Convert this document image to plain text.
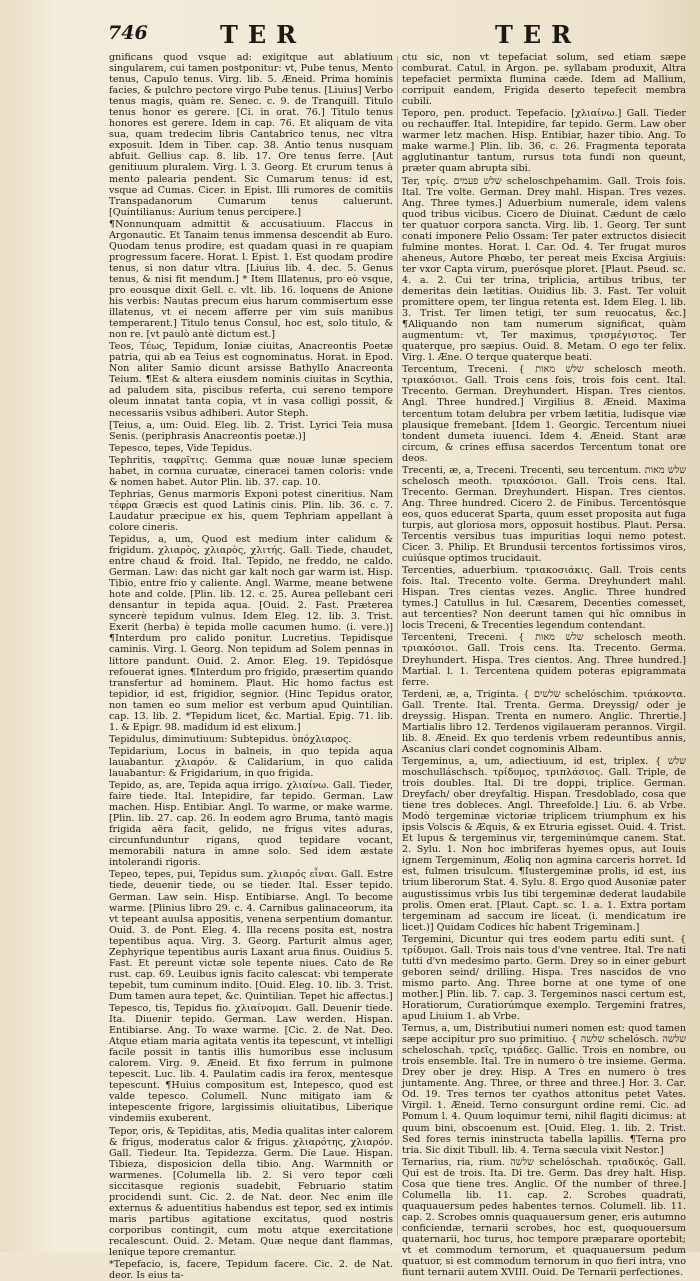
746	TER	TER

gnificans quod vsque ad: exigitque aut ablatiuum singularem, cui tamen postponitur: vt, Pube tenus, Mento tenus, Capulo tenus. Virg. lib. 5. Æneid. Prima hominis facies, & pulchro pectore virgo Pube tenus. [Liuius] Verbo tenus magis, quàm re. Senec. c. 9. de Tranquill. Titulo tenus honor es gerere. [Ci. in orat. 76.] Titulo tenus honores est gerere. Idem in cap. 76. Et aliquam de vita sua, quam tredecim libris Cantabrico tenus, nec vltra exposuit. Idem in Tiber. cap. 38. Antio tenus nusquam abfuit. Gellius cap. 8. lib. 17. Ore tenus ferre. [Aut genitiuum pluralem. Virg. l. 3. Georg. Et crurum tenus à mento palearia pendent. Sic Cumarum tenus: id est, vsque ad Cumas. Cicer. in Epist. Illi rumores de comitiis Transpadanorum Cumarum tenus caluerunt. [Quintilianus: Aurium tenus percipere.]

¶Nonnunquam admittit & accusatiuum. Flaccus in Argonautic. Et Tanaim tenus immensa descendit ab Euro. Quodam tenus prodire, est quadam quasi in re quapiam progressum facere. Horat. l. Epist. 1. Est quodam prodire tenus, si non datur vltra. [Liuius lib. 4. dec. 5. Genus tenus, & nisi fit mendum.] * Item Illatenus, pro eò vsque, pro eousque dixit Gell. c. vlt. lib. 16. loquens de Anione his verbis: Nautas precum eius harum commisertum esse illatenus, vt ei necem afferre per vim suis manibus temperarent.] Titulo tenus Consul, hoc est, solo titulo, & non re. [vt paulò antè dictum est.]

Teos, Τέως, Tepidum, Ioniæ ciuitas, Anacreontis Poetæ patria, qui ab ea Teius est cognominatus. Horat. in Epod. Non aliter Samio dicunt arsisse Bathyllo Anacreonta Teium. ¶Est & altera eiusdem nominis ciuitas in Scythia, ad paludem sita, piscibus referta, cui sereno tempore oleum innatat tanta copia, vt in vasa colligi possit, & necessariis vsibus adhiberi. Autor Steph.

[Teius, a, um: Ouid. Eleg. lib. 2. Trist. Lyrici Teia musa Senis. (periphrasis Anacreontis poetæ.)]

Tepesco, tepes, Vide Tepidus.

Tephritis, ταφρῖτις. Gemma quæ nouæ lunæ speciem habet, in cornua curuatæ, cineracei tamen coloris: vnde & nomen habet. Autor Plin. lib. 37. cap. 10.

Tephrias, Genus marmoris Exponi potest cineritius. Nam τέφρα Græcis est quod Latinis cinis. Plin. lib. 36. c. 7. Laudatur præcipue ex his, quem Tephriam appellant à colore cineris.

Tepidus, a, um, Quod est medium inter calidum & frigidum. χλιαρὸς, χλιαρὸς, χλιτής. Gall. Tiede, chaudet, entre chaud & froid. Ital. Tepido, ne freddo, ne caldo. German. Law: das nicht gar kalt noch gar warm ist. Hisp. Tibio, entre frio y caliente. Angl. Warme, meane betwene hote and colde. [Plin. lib. 12. c. 25. Aurea pellebant ceri densantur in tepida aqua. [Ouid. 2. Fast. Præterea syncerè tepidum vulnus. Idem Eleg. 12. lib. 3. Trist. Exerit (herba) è tepida molle cacumen humo. (i. vere.)] ¶Interdum pro calido ponitur. Lucretius. Tepidisque caminis. Virg. l. Georg. Non tepidum ad Solem pennas in littore pandunt. Ouid. 2. Amor. Eleg. 19. Tepidósque refouerat ignes. ¶Interdum pro frigido, præsertim quando transfertur ad hominem. Plaut. Hic homo factus est tepidior, id est, frigidior, segnior. (Hinc Tepidus orator, non tamen eo sum melior est verbum apud Quintilian. cap. 13. lib. 2. *Tepidum licet, &c. Martial. Epig. 71. lib. 1. & Epigr. 98. madidum id est elixum.]

Tepidulus, diminutiuum: Subtepidus. ὑπόχλιαρος.

Tepidarium, Locus in balneis, in quo tepida aqua lauabantur. χλιαρόν. & Calidarium, in quo calida lauabantur: & Frigidarium, in quo frigida.

Tepido, as, are, Tepida aqua irrigo. χλιαίνω. Gall. Tieder, faire tiede. Ital. Intepidire, far tepido. German. Law machen. Hisp. Entibiar. Angl. To warme, or make warme. [Plin. lib. 27. cap. 26. In eodem agro Bruma, tantò magis frigida aëra facit, gelido, ne frigus vites aduras, circunfunduntur rigans, quod tepidare vocant, memorabili natura in amne solo. Sed idem æstate intolerandi rigoris.

Tepeo, tepes, pui, Tepidus sum. χλιαρός εἶναι. Gall. Estre tiede, deuenir tiede, ou se tieder. Ital. Esser tepido. German. Law sein. Hisp. Entibiarse. Angl. To become warme. [Plinius libro 29. c. 4. Carnibus galinaceorum, ita vt tepeant auulsa appositis, venena serpentium domantur. Ouid. 3. de Pont. Eleg. 4. Illa recens posita est, nostra tepentibus aqua. Virg. 3. Georg. Parturit almus ager, Zephyrique tepentibus auris Laxant arua finus. Ouidius 5. Fast. Et pereunt victæ sole tepente niues. Cato de Re rust. cap. 69. Leuibus ignis facito calescat: vbi temperate tepebit, tum cuminum indito. [Ouid. Eleg. 10. lib. 3. Trist. Dum tamen aura tepet, &c. Quintilian. Tepet hic affectus.]

Tepesco, tis, Tepidus fio. χλιαίνομαι. Gall. Deuenir tiede. Ita. Diuenir tepido. German. Law werden. Hispan. Entibiarse. Ang. To waxe warme. [Cic. 2. de Nat. Deo. Atque etiam maria agitata ventis ita tepescunt, vt intelligi facile possit in tantis illis humoribus esse inclusum calorem. Virg. 9. Æneid. Et fixo ferrum in pulmone tepescit. Luc. lib. 4. Paulatim cadis ira ferox, mentesque tepescunt. ¶Huius compositum est, Intepesco, quod est valde tepesco. Columell. Nunc mitigato iam & intepescente frigore, largissimis oliuitatibus, Liberique vindemiis exuberent.

Tepor, oris, & Tepiditas, atis, Media qualitas inter calorem & frigus, moderatus calor & frigus. χλιαρότης, χλιαρόν. Gall. Tiedeur. Ita. Tepidezza. Germ. Die Laue. Hispan. Tibieza, disposicion della tibio. Ang. Warmnith or warmenes. [Columella lib. 2. Si vero tepor cœli siccitasque regionis suadebit, Februario statim procidendi sunt. Cic. 2. de Nat. deor. Nec enim ille externus & aduentitius habendus est tepor, sed ex intimis maris partibus agitatione excitatus, quod nostris corporibus contingit, cum motu atque exercitatione recalescunt. Ouid. 2. Metam. Quæ neque dant flammas, lenique tepore cremantur.

*Tepefacio, is, facere, Tepidum facere. Cic. 2. de Nat. deor. Is eius ta-

ctu sic, non vt tepefaciat solum, sed etiam sæpe comburat. Catul. in Argon. pe. syllabam produxit, Altra tepefaciet permixta flumina cæde. Idem ad Mallium, corripuit eandem, Frigida deserto tepefecit membra cubili.

Teporo, pen. product. Tepefacio. [χλιαίνω.] Gall. Tieder ou rechauffer. Ital. Intepidire, far tepido. Germ. Law ober warmer letz machen. Hisp. Entibiar, hazer tibio. Ang. To make warme.] Plin. lib. 36. c. 26. Fragmenta teporata agglutinantur tantum, rursus tota fundi non queunt, præter quam abrupta sibi.

Ter, τρίς. שלש פעמים scheloschpehamim. Gall. Trois fois. Ital. Tre volte. German. Drey mahl. Hispan. Tres vezes. Ang. Three tymes.] Aduerbium numerale, idem valens quod tribus vicibus. Cicero de Diuinat. Cædunt de cælo ter quatuor corpora sancta. Virg. lib. 1. Georg. Ter sunt conati imponere Pelio Ossam: Ter pater extructos disiecit fulmine montes. Horat. l. Car. Od. 4. Ter frugat muros aheneus, Autore Phœbo, ter pereat meis Excisa Argiuis: ter vxor Capta virum, puerósque ploret. [Plaut. Pseud. sc. 4. a. 2. Cui ter trina, triplicia, artibus tribus, ter demeritas dein lætitias. Ouidius lib. 3. Fast. Ter voluit promittere opem, ter lingua retenta est. Idem Eleg. l. lib. 3. Trist. Ter limen tetigi, ter sum reuocatus, &c.] ¶Aliquando non tam numerum significat, quàm augmentum: vt, Ter maximus, τρισμέγιστος. Ter quaterque, pro sæpius. Ouid. 8. Metam. O ego ter felix. Virg. l. Æne. O terque quaterque beati.

Tercentum, Treceni. { שלש מאות schelosch meoth. τριακόσιοι. Gall. Trois cens fois, trois fois cent. Ital. Trecento. German. Dreyhundert. Hispan. Tres cientos. Angl. Three hundred.] Virgilius 8. Æneid. Maxima tercentum totam delubra per vrbem lætitia, ludisque viæ plausique fremebant. [Idem 1. Georgic. Tercentum niuei tondent dumeta iuuenci. Idem 4. Æneid. Stant aræ circum, & crines effusa sacerdos Tercentum tonat ore deos.

Trecenti, æ, a, Treceni. Trecenti, seu tercentum. שלש מאות schelosch meoth. τριακόσιοι. Gall. Trois cens. Ital. Trecento. German. Dreyhundert. Hispan. Tres cientos. Ang. Three hundred. Cicero 2. de Finibus. Tercentósque eos, quos educerat Sparta, quum esset proposita aut fuga turpis, aut gloriosa mors, opposuit hostibus. Plaut. Persa. Tercentis versibus tuas impuritias loqui nemo potest. Cicer. 3. Philip. Et Brundusii tercentos fortissimos viros, cuiúsque optimos trucidauit.

Tercenties, aduerbium. τριακοσιάκις. Gall. Trois cents fois. Ital. Trecento volte. Germa. Dreyhundert mahl. Hispan. Tres cientas vezes. Anglic. Three hundred tymes.] Catullus in Iul. Cæsarem, Decenties comesset, aut tercenties? Non deerunt tamen qui hîc omnibus in locis Treceni, & Trecenties legendum contendant.

Tercenteni, Treceni. { שלש מאות schelosch meoth. τριακόσιοι. Gall. Trois cens. Ita. Trecento. Germa. Dreyhundert. Hispa. Tres cientos. Ang. Three hundred.] Martial. l. 1. Tercentena quidem poteras epigrammata ferre.

Terdeni, æ, a, Triginta. { שלשים schelóschim. τριάκοντα. Gall. Trente. Ital. Trenta. Germa. Dreyssig/ oder je dreyssig. Hispan. Trenta en numero. Anglic. Thrertie.] Martialis libro 12. Terdenos vigilaueram perannos. Virgil. lib. 8. Æneid. Ex quo terdenis vrbem redeuntibus annis, Ascanius clari condet cognominis Albam.

Tergeminus, a, um, adiectiuum, id est, triplex. { שלש moschulláschsch. τρίδυμος, τριπλάσιος. Gall. Triple, de trois doubles. Ital. Di tre doppi, triplice. German. Dreyfach/ ober dreyfaltig. Hispan. Tresdoblado, cosa que tiene tres dobleces. Angl. Threefolde.] Liu. 6. ab Vrbe. Modò tergeminæ victoriæ triplicem triumphum ex his ipsis Volscis & Æquis, & ex Etruria egisset. Ouid. 4. Trist. Et lupus & tergeminus vir, tergeminúmque canem. Stat. 2. Sylu. 1. Non hoc imbriferas hyemes opus, aut Iouis ignem Tergeminum, Æoliq non agmina carceris horret. Id est, fulmen trisulcum. ¶Iustergeminæ prolis, id est, ius trium liberorum Stat. 4. Sylu. 8. Ergo quod Ausoniæ pater augustissimus vrbis Ius tibi tergeminæ dederat laudabile prolis. Omen erat. [Plaut. Capt. sc. 1. a. 1. Extra portam tergeminam ad saccum ire liceat. (i. mendicatum ire licet.)] Quidam Codices hîc habent Trigeminam.]

Tergemini, Dicuntur qui tres eodem partu editi sunt. { τρίδυμοι. Gall. Trois nais tous d'vne ventree. Ital. Tre nati tutti d'vn medesimo parto. Germ. Drey so in einer geburt geboren seind/ drilling. Hispa. Tres nascidos de vno mismo parto. Ang. Three borne at one tyme of one mother.] Plin. lib. 7. cap. 3. Tergeminos nasci certum est, Horatiorum, Curatiorúmque exemplo. Tergemini fratres, apud Liuium 1. ab Vrbe.

Ternus, a, um, Distributiui numeri nomen est: quod tamen sæpe accipitur pro suo primitiuo. { שלשה schelósch. שלשה scheloschah. τρεῖς, τριάδες. Gallic. Trois en nombre, ou trois ensemble. Ital. Tre in numero ò tre insieme. Germa. Drey ober je drey. Hisp. A Tres en numero ò tres juntamente. Ang. Three, or three and three.] Hor. 3. Car. Od. 19. Tres ternos ter cyathos attonitus petet Vates. Virgil. 1. Æneid. Terno consurgunt ordine remi. Cic. ad Pomum l. 4. Quum loquimur terni, nihil flagiti dicimus: at quum bini, obscoenum est. [Ouid. Eleg. 1. lib. 2. Trist. Sed fores ternis ininstructa tabella lapillis. ¶Terna pro tria. Sic dixit Tibull. lib. 4. Terna sæcula vixit Nestor.]

Ternarius, ria, rium. שלשה schelóschah. τριαδικός. Gall. Qui est de trois. Ita. Di tre. Germ. Das drey halt. Hisp. Cosa que tiene tres. Anglic. Of the number of three.] Columella lib. 11. cap. 2. Scrobes quadrati, quaquauersum pedes habentes ternos. Columell. lib. 11. cap. 2. Scrobes omnis quaquauersum gener, eris autumno conficiendæ, ternarii scrobes, hoc est, quoquouersum quaternarii, hoc turus, hoc tempore præparare oportebit; vt et commodum ternorum, et quaquauersum pedum quatuor, si est commodum ternorum in quo fieri intra, vno fiunt ternarii autem XVIII. Ouid. De Ternarii perfectiones.
